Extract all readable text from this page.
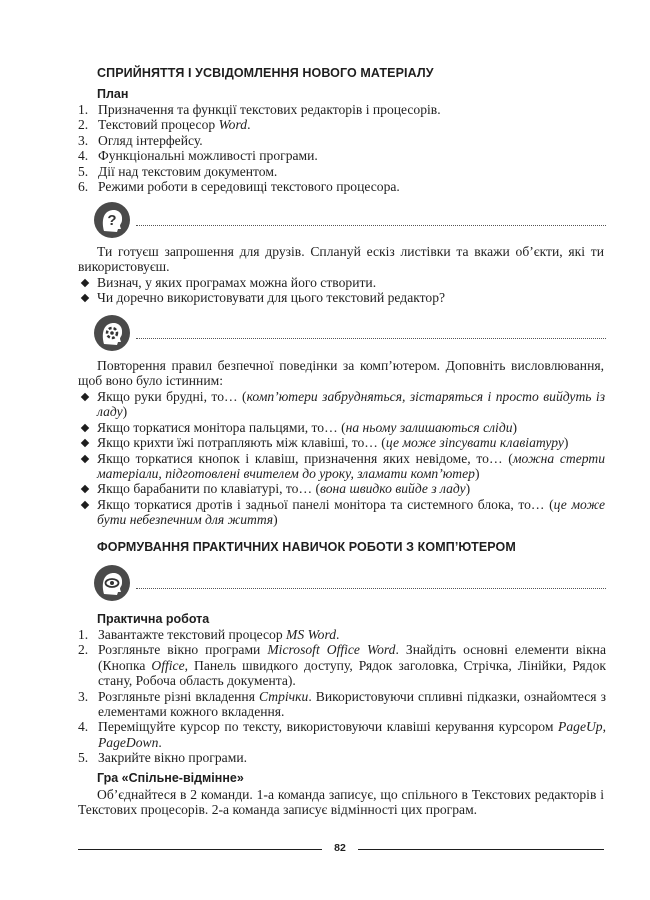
СПРИЙНЯТТЯ І УСВІДОМЛЕННЯ НОВОГО МАТЕРІАЛУ
План
1. Призначення та функції текстових редакторів і процесорів.
2. Текстовий процесор Word.
3. Огляд інтерфейсу.
4. Функціональні можливості програми.
5. Дії над текстовим документом.
6. Режими роботи в середовищі текстового процесора.
?

Ти готуєш запрошення для друзів. Сплануй ескіз листівки та вкажи об’єкти, які ти використовуєш.

Визнач, у яких програмах можна його створити.
Чи доречно використовувати для цього текстовий редактор?

Повторення правил безпечної поведінки за комп’ютером. Доповніть висловлювання, щоб воно було істинним:

Якщо руки брудні, то… (комп’ютери забрудняться, зістаряться і просто вийдуть із ладу)
Якщо торкатися монітора пальцями, то… (на ньому залишаються сліди)
Якщо крихти їжі потрапляють між клавіші, то… (це може зіпсувати клавіатуру)
Якщо торкатися кнопок і клавіш, призначення яких невідоме, то… (можна стерти матеріали, підготовлені вчителем до уроку, зламати комп’ютер)
Якщо барабанити по клавіатурі, то… (вона швидко вийде з ладу)
Якщо торкатися дротів і задньої панелі монітора та системного блока, то… (це може бути небезпечним для життя)
ФОРМУВАННЯ ПРАКТИЧНИХ НАВИЧОК РОБОТИ З КОМП’ЮТЕРОМ
Практична робота
1. Завантажте текстовий процесор MS Word.
2. Розгляньте вікно програми Microsoft Office Word. Знайдіть основні елементи вікна (Кнопка Office, Панель швидкого доступу, Рядок заголовка, Стрічка, Лінійки, Рядок стану, Робоча область документа).
3. Розгляньте різні вкладення Стрічки. Використовуючи спливні підказки, ознайомтеся з елементами кожного вкладення.
4. Переміщуйте курсор по тексту, використовуючи клавіші керування курсором PageUp, PageDown.
5. Закрийте вікно програми.
Гра «Спільне-відмінне»

Об’єднайтеся в 2 команди. 1-а команда записує, що спільного в Текстових редакторів і Текстових процесорів. 2-а команда записує відмінності цих програм.

82
